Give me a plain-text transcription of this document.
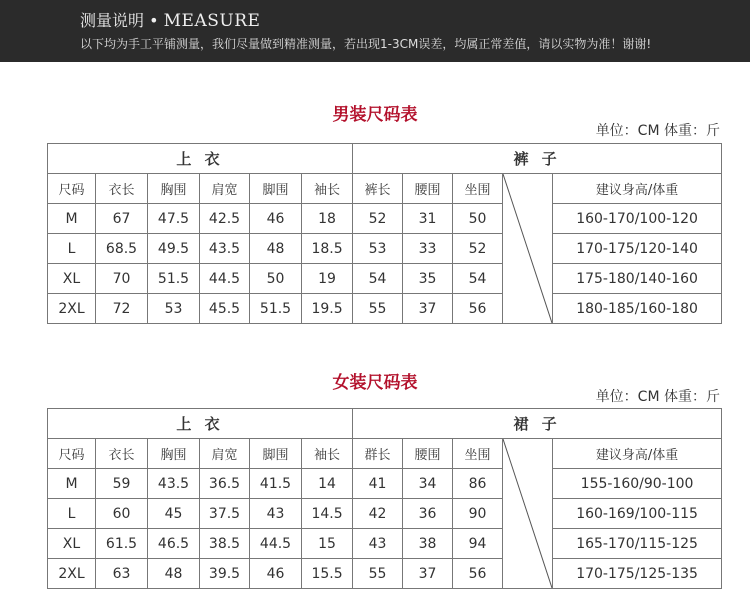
测量说明 • MEASURE
以下均为手工平铺测量，我们尽量做到精准测量，若出现1-3CM误差，均属正常差值，请以实物为准！谢谢!
男装尺码表
单位：CM 体重：斤
上 衣						裤 子				
尺码	衣长	胸围	肩宽	脚围	袖长	裤长	腰围	坐围		建议身高/体重
M	67	47.5	42.5	46	18	52	31	50		160-170/100-120
L	68.5	49.5	43.5	48	18.5	53	33	52		170-175/120-140
XL	70	51.5	44.5	50	19	54	35	54		175-180/140-160
2XL	72	53	45.5	51.5	19.5	55	37	56		180-185/160-180
女装尺码表
单位：CM 体重：斤
上 衣						裙 子				
尺码	衣长	胸围	肩宽	脚围	袖长	群长	腰围	坐围		建议身高/体重
M	59	43.5	36.5	41.5	14	41	34	86		155-160/90-100
L	60	45	37.5	43	14.5	42	36	90		160-169/100-115
XL	61.5	46.5	38.5	44.5	15	43	38	94		165-170/115-125
2XL	63	48	39.5	46	15.5	55	37	56		170-175/125-135
